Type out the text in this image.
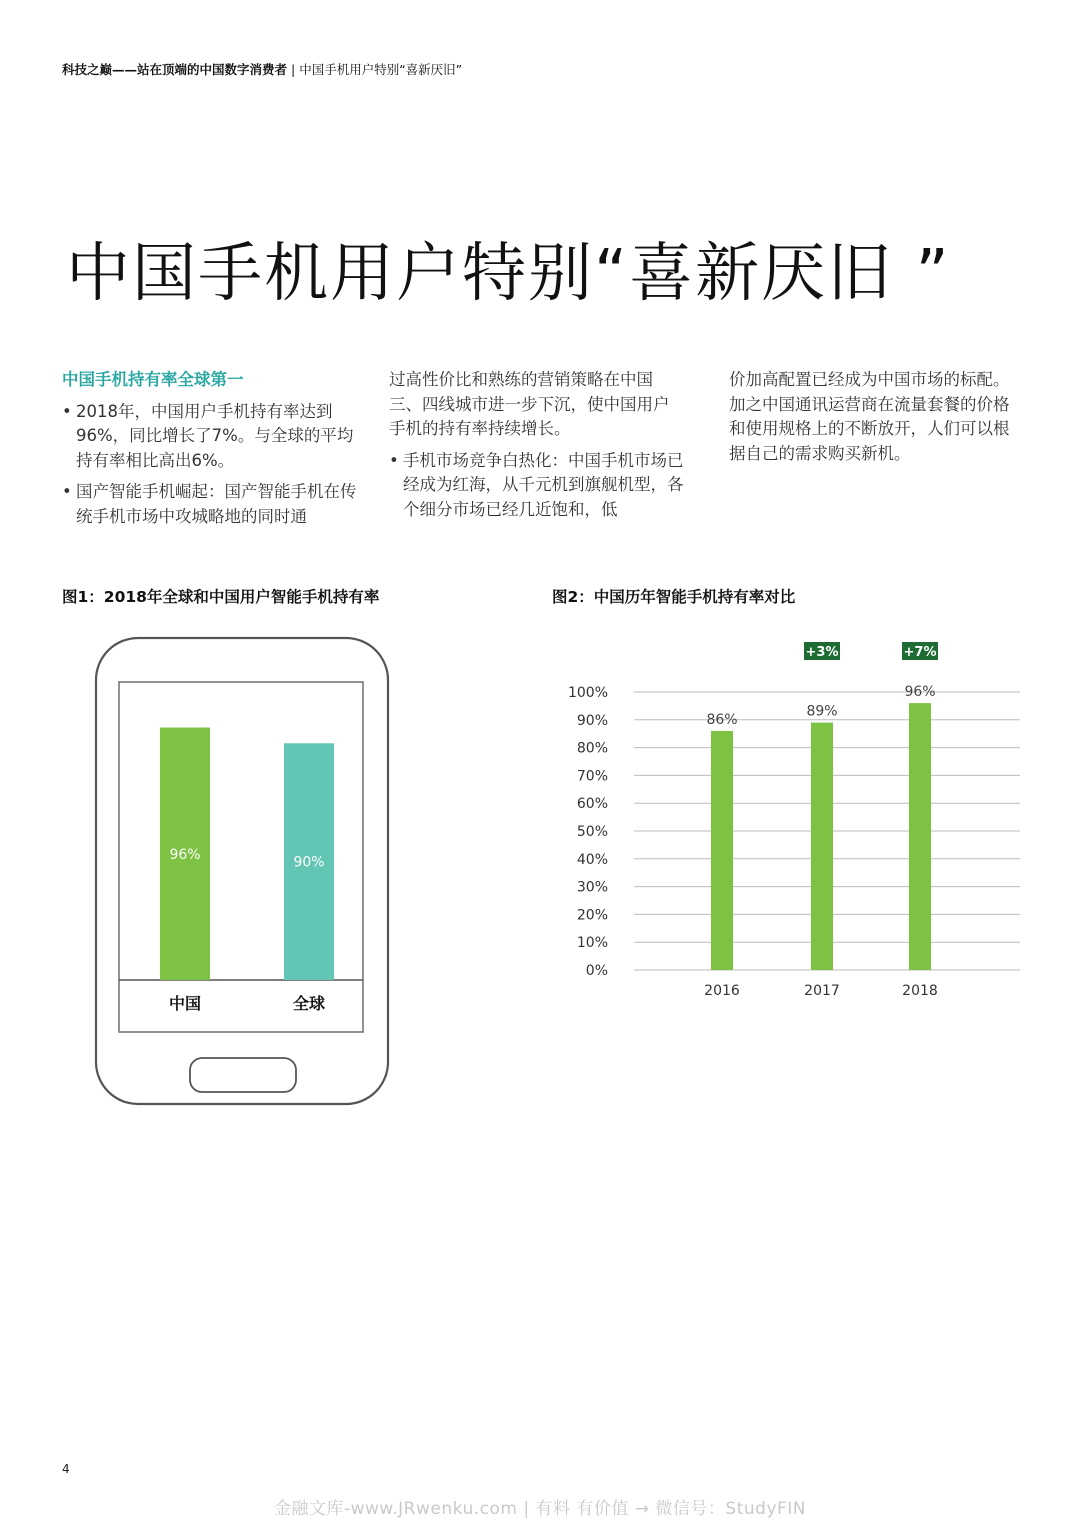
科技之巅——站在顶端的中国数字消费者 | 中国手机用户特别“喜新厌旧”
中国手机用户特别“喜新厌旧 ”

中国手机持有率全球第一

• 2018年，中国用户手机持有率达到96%，同比增长了7%。与全球的平均持有率相比高出6%。

• 国产智能手机崛起：国产智能手机在传统手机市场中攻城略地的同时通

过高性价比和熟练的营销策略在中国三、四线城市进一步下沉，使中国用户手机的持有率持续增长。

• 手机市场竞争白热化：中国手机市场已经成为红海，从千元机到旗舰机型，各个细分市场已经几近饱和，低

价加高配置已经成为中国市场的标配。加之中国通讯运营商在流量套餐的价格和使用规格上的不断放开，人们可以根据自己的需求购买新机。

图1：2018年全球和中国用户智能手机持有率	图2：中国历年智能手机持有率对比
96%
中国
90%
全球
0%
10%
20%
30%
40%
50%
60%
70%
80%
90%
100%
86%
2016
89%
2017
+3%
96%
2018
+7%
4
金融文库-www.JRwenku.com | 有料 有价值 → 微信号：StudyFIN
